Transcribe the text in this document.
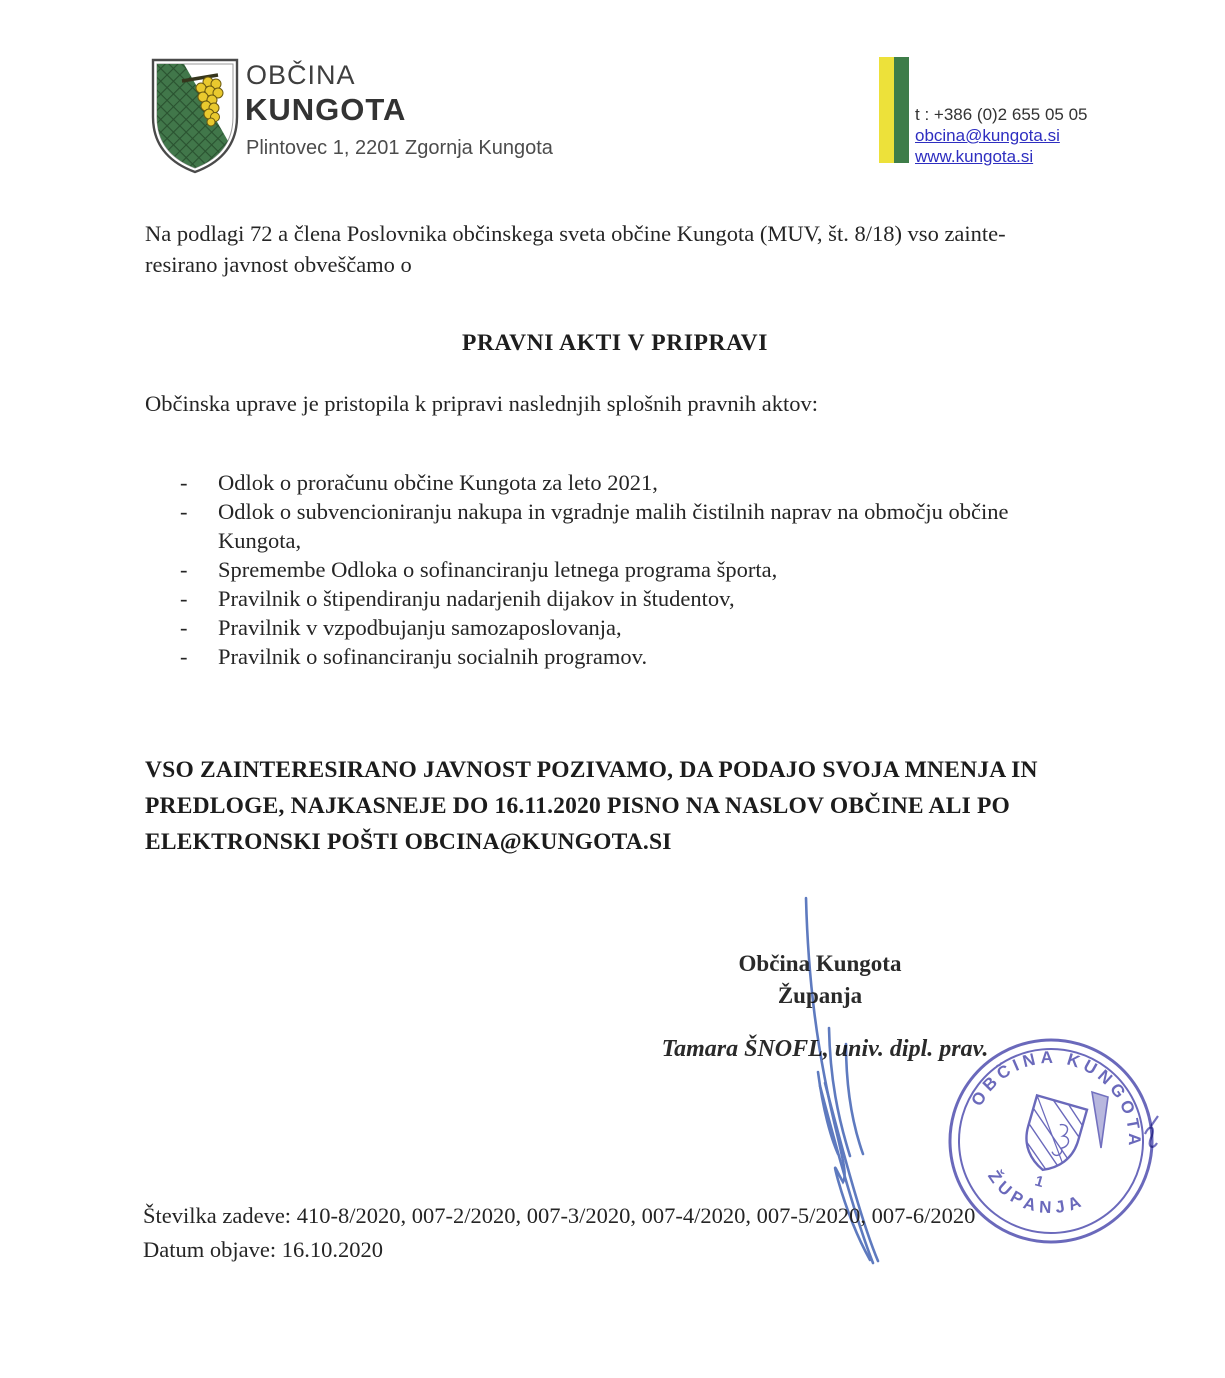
OBČINA
KUNGOTA
Plintovec 1, 2201 Zgornja Kungota
t : +386 (0)2 655 05 05
obcina@kungota.si
www.kungota.si
Na podlagi 72 a člena Poslovnika občinskega sveta občine Kungota (MUV, št. 8/18) vso zainte-
resirano javnost obveščamo o
PRAVNI AKTI V PRIPRAVI
Občinska uprave je pristopila k pripravi naslednjih splošnih pravnih aktov:
-	Odlok o proračunu občine Kungota za leto 2021,
-	Odlok o subvencioniranju nakupa in vgradnje malih čistilnih naprav na območju občine Kungota,
-	Spremembe Odloka o sofinanciranju letnega programa športa,
-	Pravilnik o štipendiranju nadarjenih dijakov in študentov,
-	Pravilnik v vzpodbujanju samozaposlovanja,
-	Pravilnik o sofinanciranju socialnih programov.
VSO ZAINTERESIRANO JAVNOST POZIVAMO, DA PODAJO SVOJA MNENJA IN PREDLOGE, NAJKASNEJE DO 16.11.2020 PISNO NA NASLOV OBČINE ALI PO ELEKTRONSKI POŠTI OBCINA@KUNGOTA.SI
Občina Kungota
Županja
Tamara ŠNOFL, univ. dipl. prav.
OBČINA KUNGOTA
ŽUPANJA
1
Številka zadeve: 410-8/2020, 007-2/2020, 007-3/2020, 007-4/2020, 007-5/2020, 007-6/2020
Datum objave: 16.10.2020
